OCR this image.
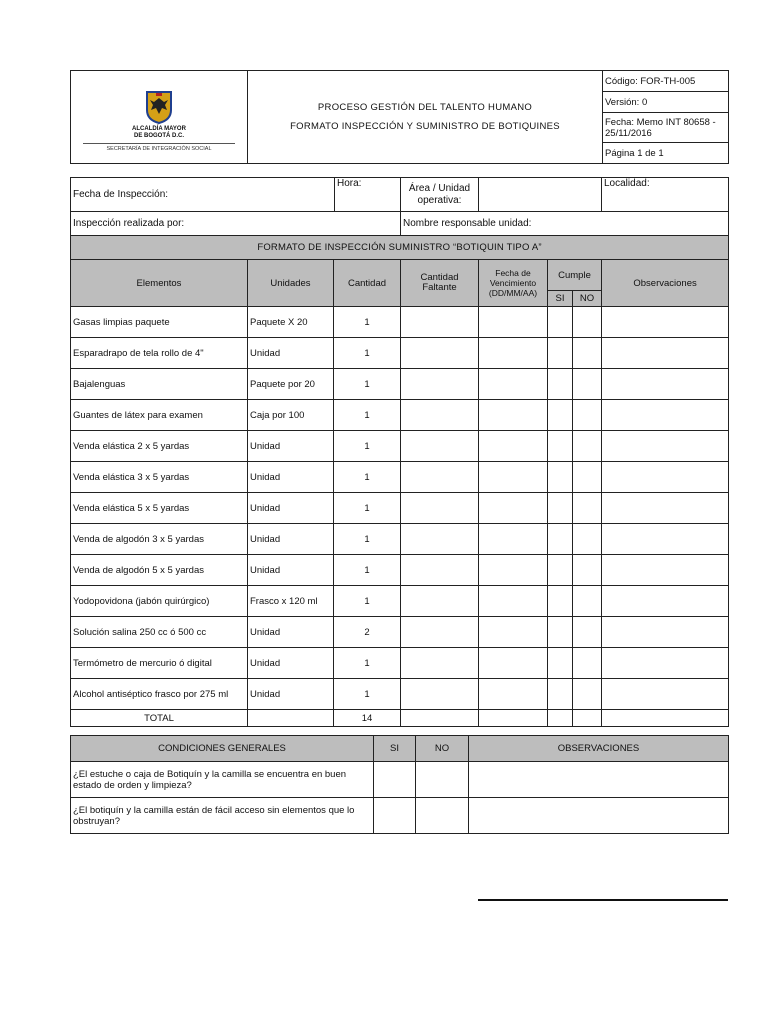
ALCALDÍA MAYOR
DE BOGOTÁ D.C.
SECRETARÍA DE INTEGRACIÓN SOCIAL

PROCESO GESTIÓN DEL TALENTO HUMANO
FORMATO INSPECCIÓN Y SUMINISTRO DE BOTIQUINES
	Código: FOR-TH-005
Versión: 0
Fecha: Memo INT 80658 - 25/11/2016
Página 1 de 1
Fecha de Inspección:	Hora:	Área / Unidad operativa:		Localidad:
Inspección realizada por:		Nombre responsable unidad:		
FORMATO DE INSPECCIÓN SUMINISTRO “BOTIQUIN TIPO A”							
Elementos	Unidades	Cantidad	Cantidad Faltante	Fecha de Vencimiento (DD/MM/AA)	Cumple		Observaciones
					SI	NO	
Gasas limpias paquete	Paquete X 20	1					
Esparadrapo de tela rollo de 4"	Unidad	1					
Bajalenguas	Paquete por 20	1					
Guantes de látex para examen	Caja por 100	1					
Venda elástica 2 x 5 yardas	Unidad	1					
Venda elástica 3 x 5 yardas	Unidad	1					
Venda elástica 5 x 5 yardas	Unidad	1					
Venda de algodón 3 x 5 yardas	Unidad	1					
Venda de algodón 5 x 5 yardas	Unidad	1					
Yodopovidona (jabón quirúrgico)	Frasco x 120 ml	1					
Solución salina 250 cc ó 500 cc	Unidad	2					
Termómetro de mercurio ó digital	Unidad	1					
Alcohol antiséptico frasco por 275 ml	Unidad	1					
TOTAL		14					
CONDICIONES GENERALES	SI	NO	OBSERVACIONES
¿El estuche o caja de Botiquín y la camilla se encuentra en buen estado de orden y limpieza?			
¿El botiquín y la camilla están de fácil acceso sin elementos que lo obstruyan?			
